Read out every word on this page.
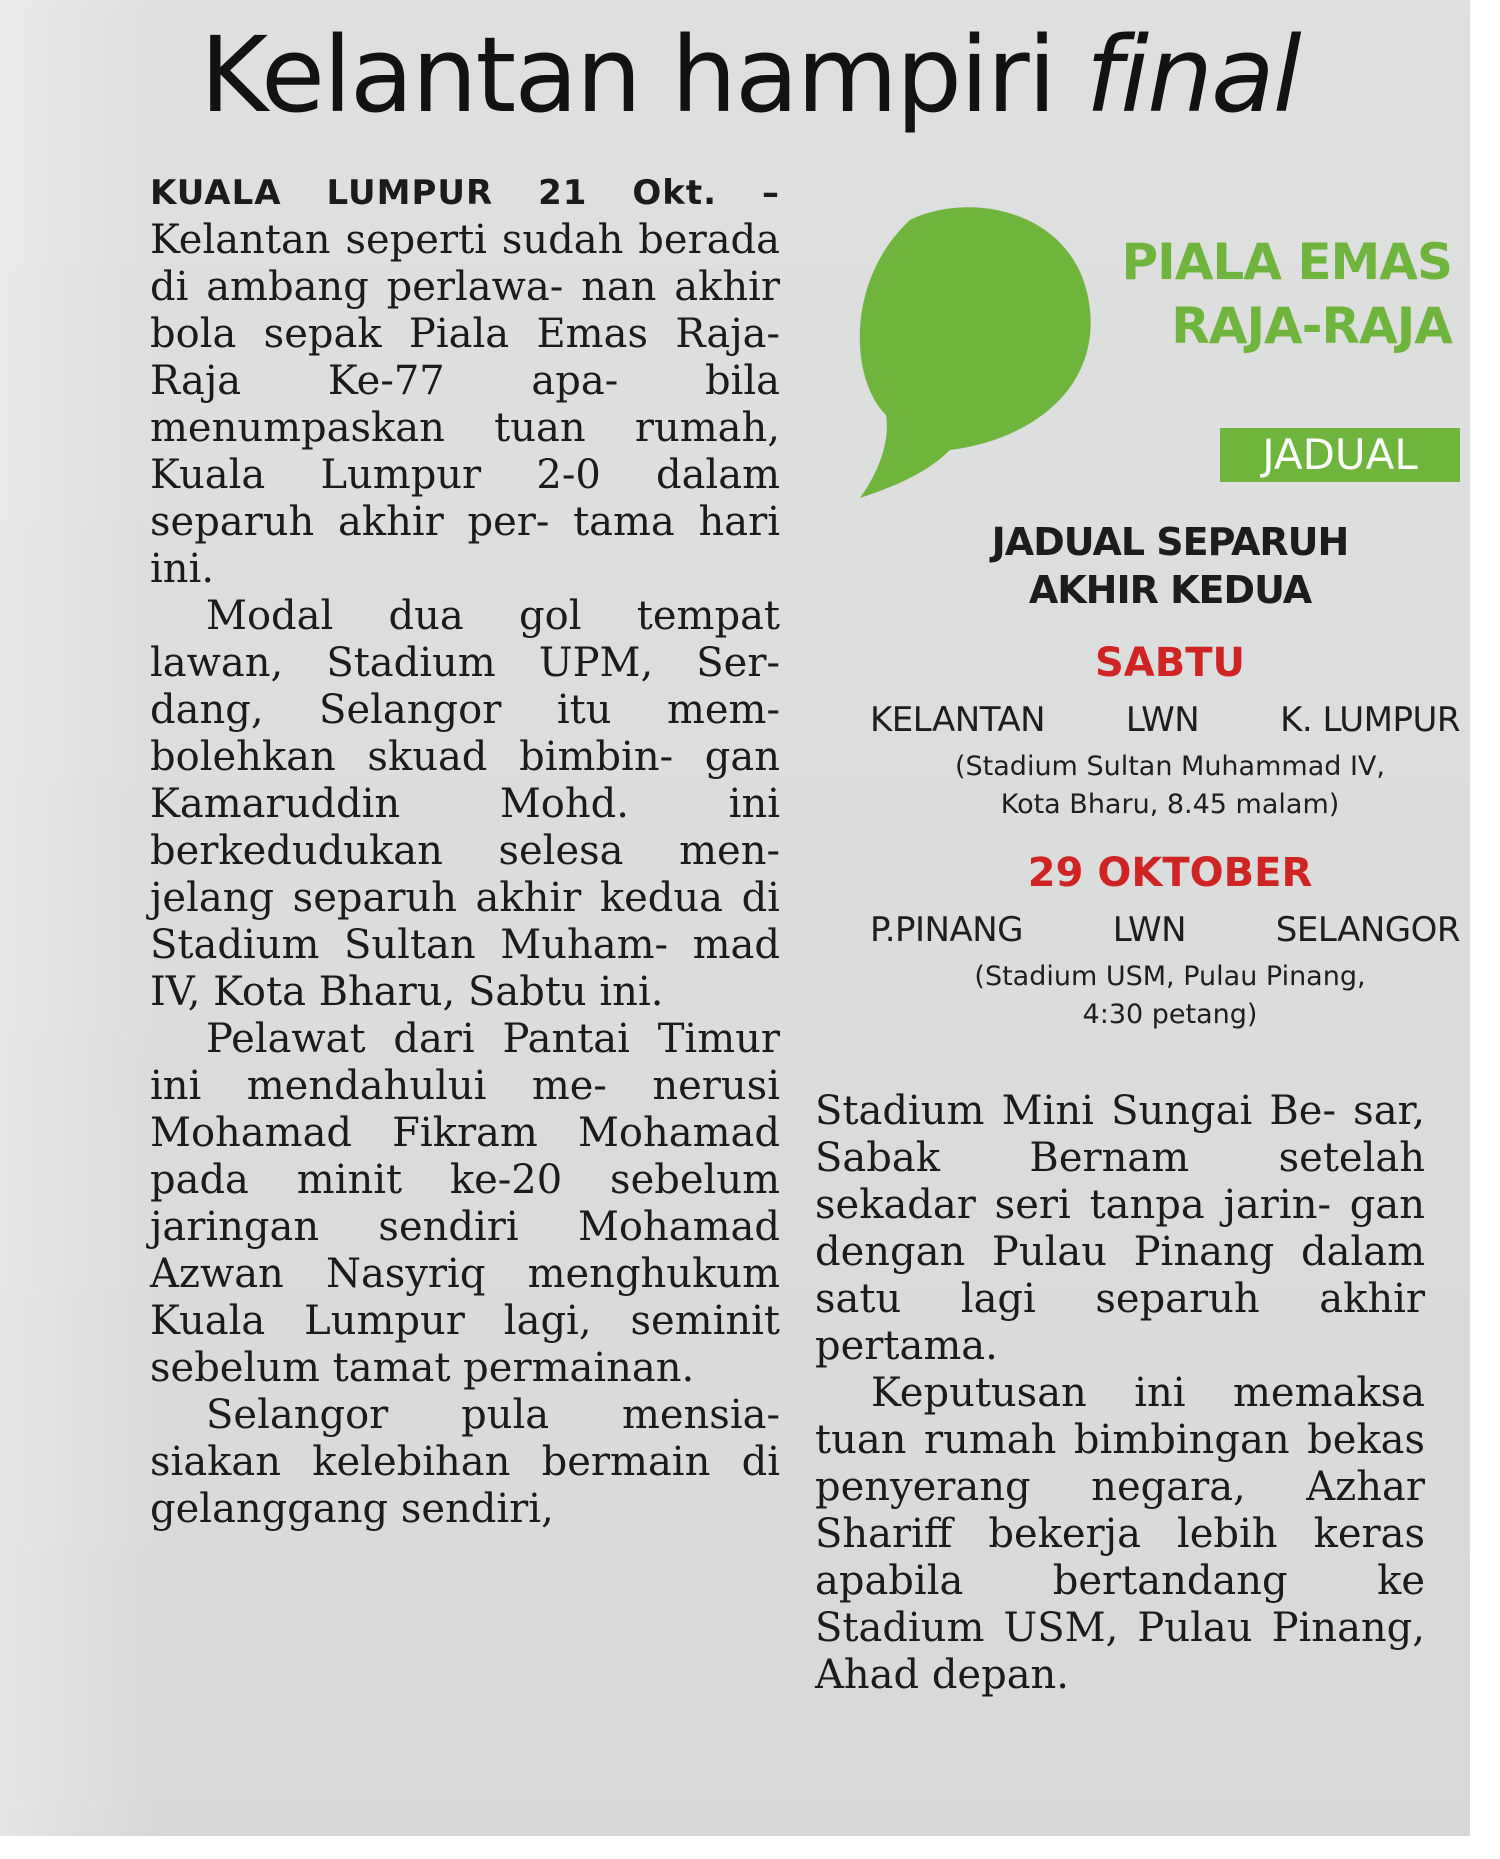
Kelantan hampiri final

KUALA LUMPUR 21 Okt. – Kelantan seperti sudah berada di ambang perlawa- nan akhir bola sepak Piala Emas Raja-Raja Ke-77 apa- bila menumpaskan tuan rumah, Kuala Lumpur 2-0 dalam separuh akhir per- tama hari ini.

Modal dua gol tempat lawan, Stadium UPM, Ser- dang, Selangor itu mem- bolehkan skuad bimbin- gan Kamaruddin Mohd. ini berkedudukan selesa men- jelang separuh akhir kedua di Stadium Sultan Muham- mad IV, Kota Bharu, Sabtu ini.

Pelawat dari Pantai Timur ini mendahului me- nerusi Mohamad Fikram Mohamad pada minit ke-20 sebelum jaringan sendiri Mohamad Azwan Nasyriq menghukum Kuala Lumpur lagi, seminit sebelum tamat permainan.

Selangor pula mensia- siakan kelebihan bermain di gelanggang sendiri,

PIALA EMAS
RAJA-RAJA
JADUAL
JADUAL SEPARUH
AKHIR KEDUA
SABTU
KELANTAN LWN K. LUMPUR
(Stadium Sultan Muhammad IV,
Kota Bharu, 8.45 malam)
29 OKTOBER
P.PINANG	LWN	SELANGOR
(Stadium USM, Pulau Pinang,
4:30 petang)

Stadium Mini Sungai Be- sar, Sabak Bernam setelah sekadar seri tanpa jarin- gan dengan Pulau Pinang dalam satu lagi separuh akhir pertama.

Keputusan ini memaksa tuan rumah bimbingan bekas penyerang negara, Azhar Shariff bekerja lebih keras apabila bertandang ke Stadium USM, Pulau Pinang, Ahad depan.
